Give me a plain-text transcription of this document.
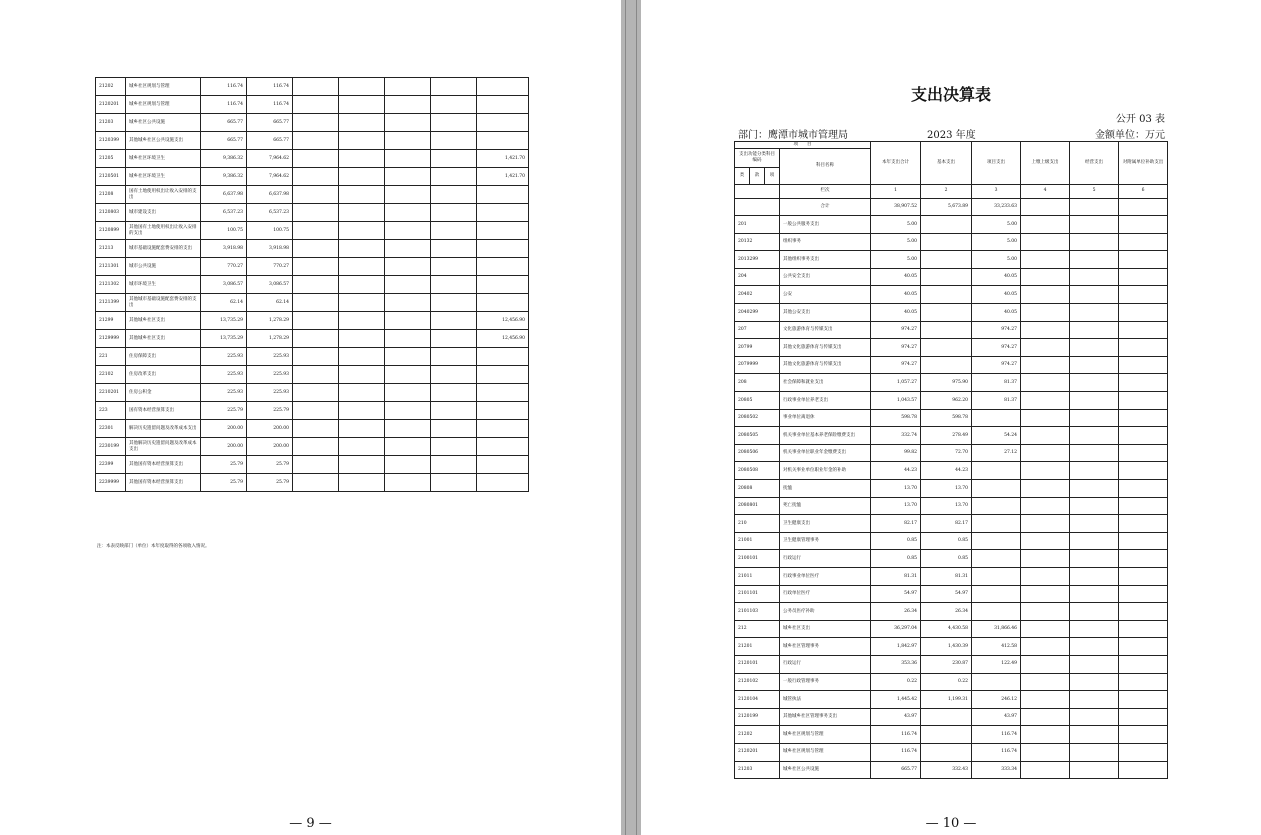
21202	城乡社区规划与管理	116.74	116.74					
2120201	城乡社区规划与管理	116.74	116.74					
21203	城乡社区公共设施	665.77	665.77					
2120399	其他城乡社区公共设施支出	665.77	665.77					
21205	城乡社区环境卫生	9,386.32	7,964.62					1,421.70
2120501	城乡社区环境卫生	9,386.32	7,964.62					1,421.70
21208	国有土地使用权出让收入安排的支出	6,637.98	6,637.98					
2120803	城市建设支出	6,537.23	6,537.23					
2120899	其他国有土地使用权出让收入安排的支出	100.75	100.75					
21213	城市基础设施配套费安排的支出	3,918.98	3,918.98					
2121301	城市公共设施	770.27	770.27					
2121302	城市环境卫生	3,086.57	3,086.57					
2121399	其他城市基础设施配套费安排的支出	62.14	62.14					
21299	其他城乡社区支出	13,735.29	1,278.29					12,456.90
2129999	其他城乡社区支出	13,735.29	1,278.29					12,456.90
221	住房保障支出	225.93	225.93					
22102	住房改革支出	225.93	225.93					
2210201	住房公积金	225.93	225.93					
223	国有资本经营预算支出	225.79	225.79					
22301	解决历史遗留问题及改革成本支出	200.00	200.00					
2230199	其他解决历史遗留问题及改革成本支出	200.00	200.00					
22399	其他国有资本经营预算支出	25.79	25.79					
2239999	其他国有资本经营预算支出	25.79	25.79					
注：本表反映部门（单位）本年度取得的各项收入情况。
— 9 —
支出决算表
公开 03 表
部门：鹰潭市城市管理局	2023 年度	金额单位：万元
项　　目				本年支出合计	基本支出	项目支出	上缴上级支出	经营支出	对附属单位补助支出
支出功能分类科目编码			科目名称						
类	款	项							
			栏次	1	2	3	4	5	6
			合计	38,907.52	5,673.89	33,233.63			
201			一般公共服务支出	5.00		5.00			
20132			组织事务	5.00		5.00			
2013299			其他组织事务支出	5.00		5.00			
204			公共安全支出	40.05		40.05			
20402			公安	40.05		40.05			
2040299			其他公安支出	40.05		40.05			
207			文化旅游体育与传媒支出	974.27		974.27			
20799			其他文化旅游体育与传媒支出	974.27		974.27			
2079999			其他文化旅游体育与传媒支出	974.27		974.27			
208			社会保障和就业支出	1,057.27	975.90	81.37			
20805			行政事业单位养老支出	1,043.57	962.20	81.37			
2080502			事业单位离退休	598.78	598.78				
2080505			机关事业单位基本养老保险缴费支出	332.74	278.49	54.24			
2080506			机关事业单位职业年金缴费支出	99.82	72.70	27.12			
2080508			对机关事业单位职业年金的补助	44.23	44.23				
20808			抚恤	13.70	13.70				
2080801			死亡抚恤	13.70	13.70				
210			卫生健康支出	82.17	82.17				
21001			卫生健康管理事务	0.85	0.85				
2100101			行政运行	0.85	0.85				
21011			行政事业单位医疗	81.31	81.31				
2101101			行政单位医疗	54.97	54.97				
2101103			公务员医疗补助	26.34	26.34				
212			城乡社区支出	36,297.04	4,430.58	31,866.46			
21201			城乡社区管理事务	1,842.97	1,430.39	412.58			
2120101			行政运行	353.36	230.87	122.49			
2120102			一般行政管理事务	0.22	0.22				
2120104			城管执法	1,445.42	1,199.31	246.12			
2120199			其他城乡社区管理事务支出	43.97		43.97			
21202			城乡社区规划与管理	116.74		116.74			
2120201			城乡社区规划与管理	116.74		116.74			
21203			城乡社区公共设施	665.77	332.43	333.34			
— 10 —
